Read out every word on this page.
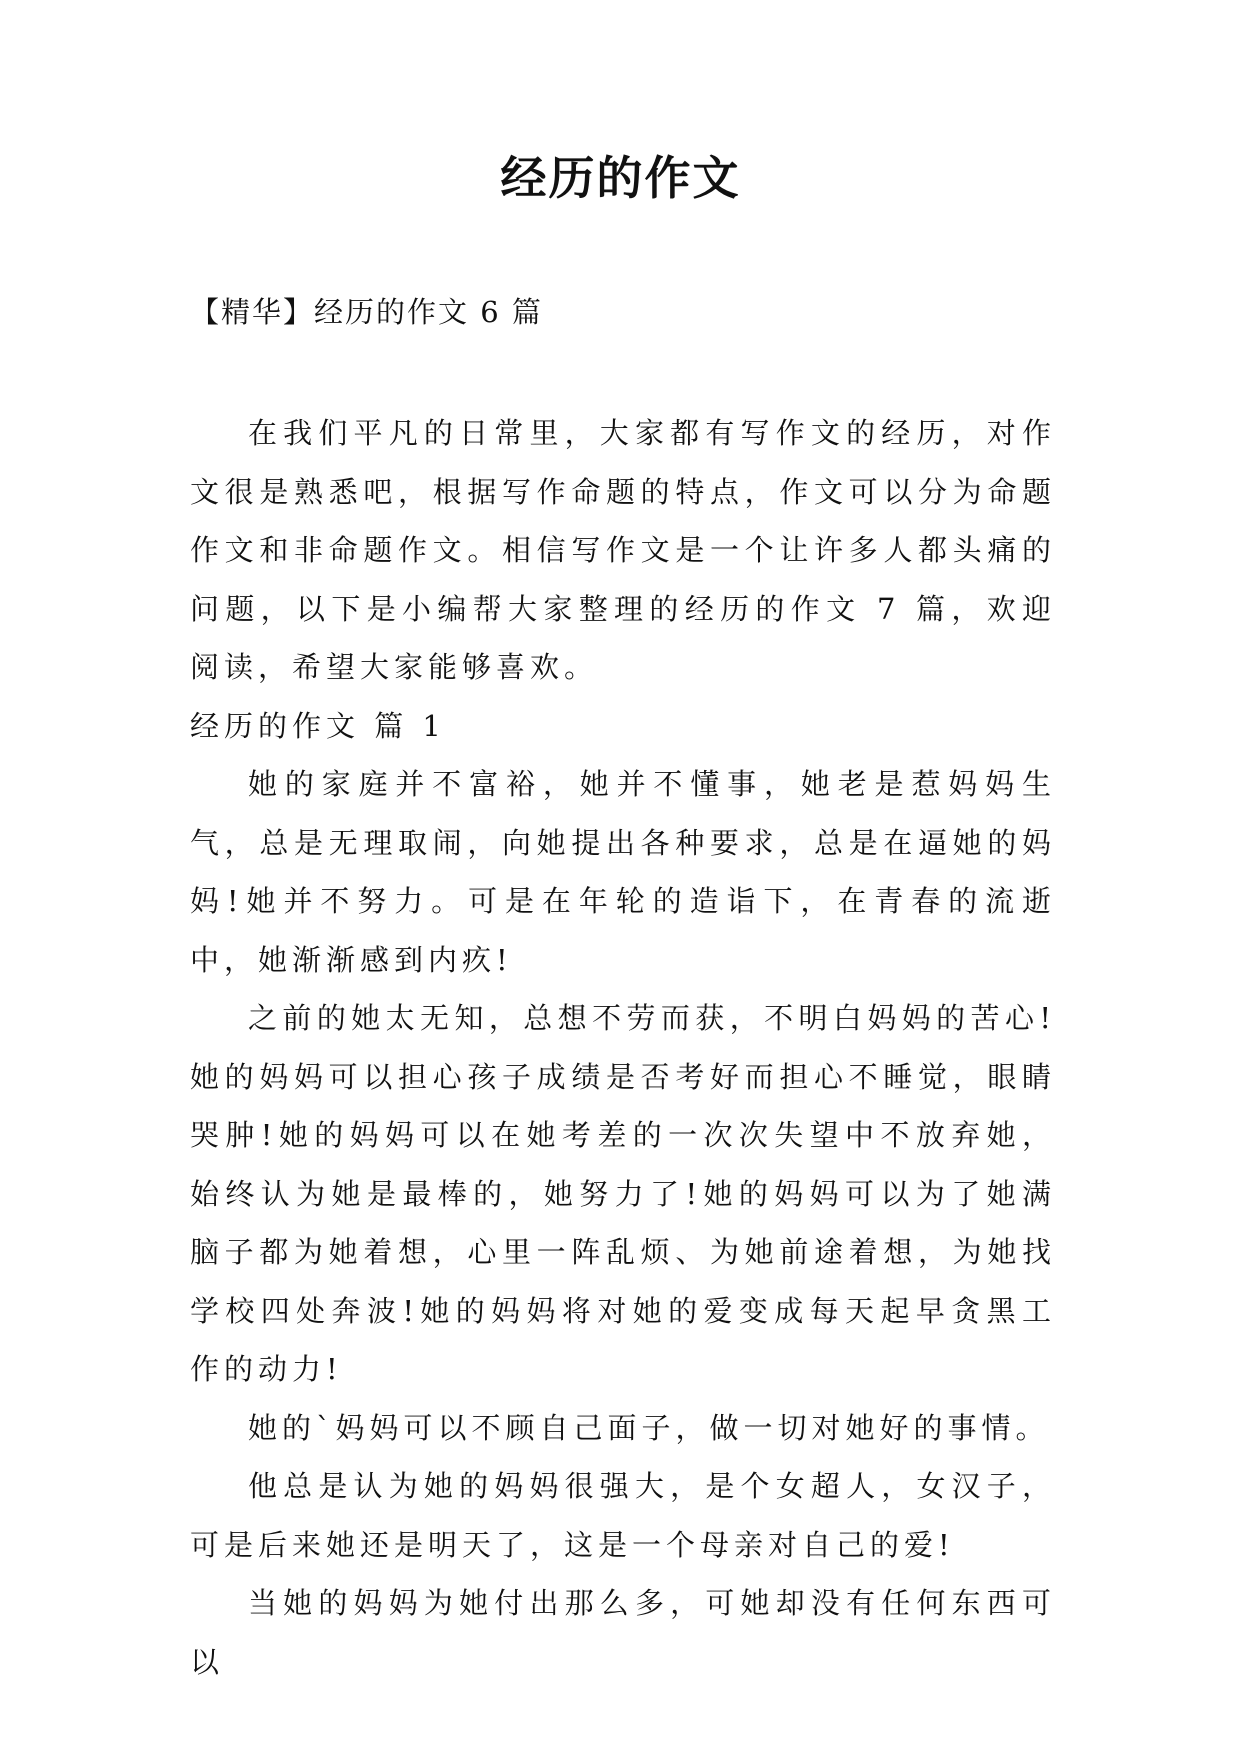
经历的作文
【精华】经历的作文 6 篇

在我们平凡的日常里，大家都有写作文的经历，对作文很是熟悉吧，根据写作命题的特点，作文可以分为命题作文和非命题作文。相信写作文是一个让许多人都头痛的问题，以下是小编帮大家整理的经历的作文 7 篇，欢迎阅读，希望大家能够喜欢。

经历的作文 篇 1

她的家庭并不富裕，她并不懂事，她老是惹妈妈生气，总是无理取闹，向她提出各种要求，总是在逼她的妈妈!她并不努力。可是在年轮的造诣下，在青春的流逝中，她渐渐感到内疚!

之前的她太无知，总想不劳而获，不明白妈妈的苦心!她的妈妈可以担心孩子成绩是否考好而担心不睡觉，眼睛哭肿!她的妈妈可以在她考差的一次次失望中不放弃她，始终认为她是最棒的，她努力了!她的妈妈可以为了她满脑子都为她着想，心里一阵乱烦、为她前途着想，为她找学校四处奔波!她的妈妈将对她的爱变成每天起早贪黑工作的动力!

她的`妈妈可以不顾自己面子，做一切对她好的事情。

他总是认为她的妈妈很强大，是个女超人，女汉子，可是后来她还是明天了，这是一个母亲对自己的爱!

当她的妈妈为她付出那么多，可她却没有任何东西可以
